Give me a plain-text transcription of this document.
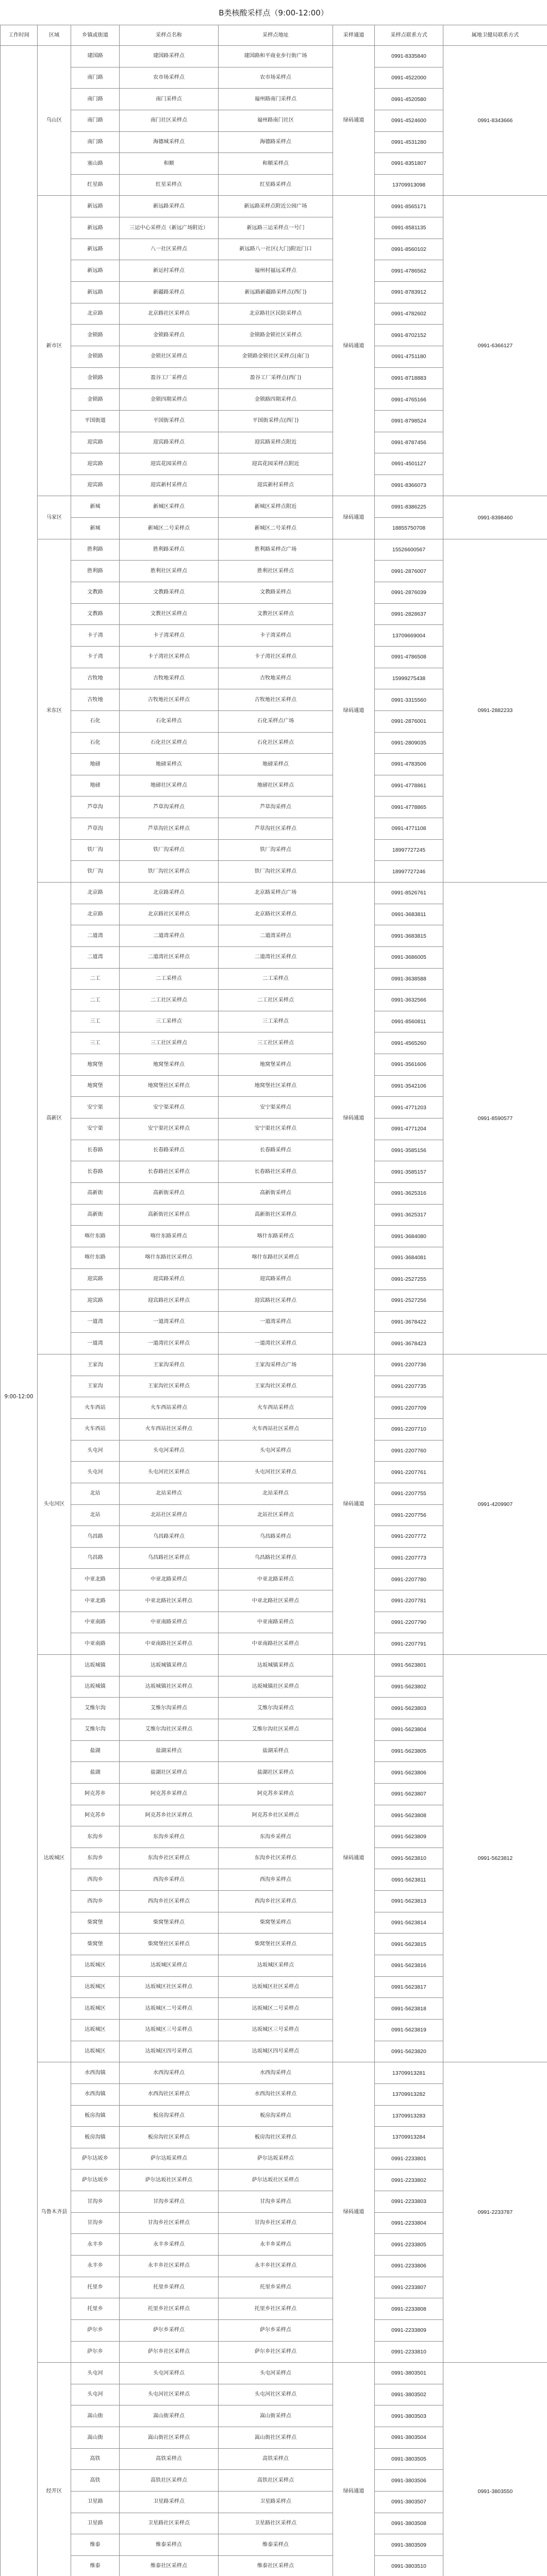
B类核酸采样点（9:00-12:00）
工作时间	区域	乡镇或街道	采样点名称	采样点地址	采样通道	采样点联系方式	属地卫健局联系方式
9:00-12:00	乌山区	建国路	建国路采样点	建国路和平商业步行街广场	绿码通道	0991-8335840	0991-8343666
		南门路	农市场采样点	农市场采样点		0991-4522000	
		南门路	南门采样点	福州路南门采样点		0991-4520580	
		南门路	南门社区采样点	福州路南门社区		0991-4524600	
		南门路	海德城采样点	海德路采样点		0991-4531280	
		塞山路	和顺	和顺采样点		0991-8351807	
		红星路	红星采样点	红星路采样点		13709913098	
	新市区	新远路	新远路采样点	新远路采样点附近公园广场	绿码通道	0991-8565171	0991-6366127
		新远路	三运中心采样点（新远广场附近）	新远路三运采样点一号门		0991-8581135	
		新远路	八一社区采样点	新远路八一社区(大门)附近门口		0991-8560102	
		新远路	新运村采样点	福州村福远采样点		0991-4786562	
		新远路	新疆路采样点	新远路新疆路采样点(西门)		0991-8783912	
		北京路	北京路社区采样点	北京路社区民防采样点		0991-4782602	
		金锁路	金锁路采样点	金锁路金锁社区采样点		0991-8702152	
		金锁路	金锁社区采样点	金锁路金锁社区采样点(南门)		0991-4751180	
		金锁路	盈谷工厂采样点	盈谷工厂采样点(西门)		0991-8718883	
		金锁路	金锁四期采样点	金锁路四期采样点		0991-4765166	
		平国街道	平国街采样点	平国街采样点(西门)		0991-8798524	
		迎宾路	迎宾路采样点	迎宾路采样点附近		0991-8787456	
		迎宾路	迎宾花园采样点	迎宾花园采样点附近		0991-4501127	
		迎宾路	迎宾新村采样点	迎宾新村采样点		0991-8366073	
	马家区	新城	新城区采样点	新城区采样点附近	绿码通道	0991-8386225	0991-8398460
		新城	新城区二号采样点	新城区二号采样点		18855750708	
	米东区	胜利路	胜利路采样点	胜利路采样点广场	绿码通道	15526600567	0991-2882233
		胜利路	胜利社区采样点	胜利社区采样点		0991-2876007	
		文教路	文教路采样点	文教路采样点		0991-2876039	
		文教路	文教社区采样点	文教社区采样点		0991-2828637	
		卡子湾	卡子湾采样点	卡子湾采样点		13709669004	
		卡子湾	卡子湾社区采样点	卡子湾社区采样点		0991-4786508	
		古牧地	古牧地采样点	古牧地采样点		15999275438	
		古牧地	古牧地社区采样点	古牧地社区采样点		0991-3315560	
		石化	石化采样点	石化采样点广场		0991-2876001	
		石化	石化社区采样点	石化社区采样点		0991-2809035	
		地磅	地磅采样点	地磅采样点		0991-4783506	
		地磅	地磅社区采样点	地磅社区采样点		0991-4778861	
		芦草沟	芦草沟采样点	芦草沟采样点		0991-4778865	
		芦草沟	芦草沟社区采样点	芦草沟社区采样点		0991-4771108	
		铁厂沟	铁厂沟采样点	铁厂沟采样点		18997727245	
		铁厂沟	铁厂沟社区采样点	铁厂沟社区采样点		18997727246	
	高新区	北京路	北京路采样点	北京路采样点广场	绿码通道	0991-8526761	0991-8590577
		北京路	北京路社区采样点	北京路社区采样点		0991-3683811	
		二道湾	二道湾采样点	二道湾采样点		0991-3683815	
		二道湾	二道湾社区采样点	二道湾社区采样点		0991-3686005	
		二工	二工采样点	二工采样点		0991-3638588	
		二工	二工社区采样点	二工社区采样点		0991-3632566	
		三工	三工采样点	三工采样点		0991-8560811	
		三工	三工社区采样点	三工社区采样点		0991-4565260	
		地窝堡	地窝堡采样点	地窝堡采样点		0991-3561606	
		地窝堡	地窝堡社区采样点	地窝堡社区采样点		0991-3542106	
		安宁渠	安宁渠采样点	安宁渠采样点		0991-4771203	
		安宁渠	安宁渠社区采样点	安宁渠社区采样点		0991-4771204	
		长春路	长春路采样点	长春路采样点		0991-3585156	
		长春路	长春路社区采样点	长春路社区采样点		0991-3585157	
		高新街	高新街采样点	高新街采样点		0991-3625316	
		高新街	高新街社区采样点	高新街社区采样点		0991-3625317	
		喀什东路	喀什东路采样点	喀什东路采样点		0991-3684080	
		喀什东路	喀什东路社区采样点	喀什东路社区采样点		0991-3684081	
		迎宾路	迎宾路采样点	迎宾路采样点		0991-2527255	
		迎宾路	迎宾路社区采样点	迎宾路社区采样点		0991-2527256	
		一道湾	一道湾采样点	一道湾采样点		0991-3678422	
		一道湾	一道湾社区采样点	一道湾社区采样点		0991-3678423	
	头屯河区	王家沟	王家沟采样点	王家沟采样点广场	绿码通道	0991-2207736	0991-4209907
		王家沟	王家沟社区采样点	王家沟社区采样点		0991-2207735	
		火车西站	火车西站采样点	火车西站采样点		0991-2207709	
		火车西站	火车西站社区采样点	火车西站社区采样点		0991-2207710	
		头屯河	头屯河采样点	头屯河采样点		0991-2207760	
		头屯河	头屯河社区采样点	头屯河社区采样点		0991-2207761	
		北站	北站采样点	北站采样点		0991-2207755	
		北站	北站社区采样点	北站社区采样点		0991-2207756	
		乌昌路	乌昌路采样点	乌昌路采样点		0991-2207772	
		乌昌路	乌昌路社区采样点	乌昌路社区采样点		0991-2207773	
		中亚北路	中亚北路采样点	中亚北路采样点		0991-2207780	
		中亚北路	中亚北路社区采样点	中亚北路社区采样点		0991-2207781	
		中亚南路	中亚南路采样点	中亚南路采样点		0991-2207790	
		中亚南路	中亚南路社区采样点	中亚南路社区采样点		0991-2207791	
	达坂城区	达坂城镇	达坂城镇采样点	达坂城镇采样点	绿码通道	0991-5623801	0991-5623812
		达坂城镇	达坂城镇社区采样点	达坂城镇社区采样点		0991-5623802	
		艾维尔沟	艾维尔沟采样点	艾维尔沟采样点		0991-5623803	
		艾维尔沟	艾维尔沟社区采样点	艾维尔沟社区采样点		0991-5623804	
		盐湖	盐湖采样点	盐湖采样点		0991-5623805	
		盐湖	盐湖社区采样点	盐湖社区采样点		0991-5623806	
		阿克苏乡	阿克苏乡采样点	阿克苏乡采样点		0991-5623807	
		阿克苏乡	阿克苏乡社区采样点	阿克苏乡社区采样点		0991-5623808	
		东沟乡	东沟乡采样点	东沟乡采样点		0991-5623809	
		东沟乡	东沟乡社区采样点	东沟乡社区采样点		0991-5623810	
		西沟乡	西沟乡采样点	西沟乡采样点		0991-5623811	
		西沟乡	西沟乡社区采样点	西沟乡社区采样点		0991-5623813	
		柴窝堡	柴窝堡采样点	柴窝堡采样点		0991-5623814	
		柴窝堡	柴窝堡社区采样点	柴窝堡社区采样点		0991-5623815	
		达坂城区	达坂城区采样点	达坂城区采样点		0991-5623816	
		达坂城区	达坂城区社区采样点	达坂城区社区采样点		0991-5623817	
		达坂城区	达坂城区二号采样点	达坂城区二号采样点		0991-5623818	
		达坂城区	达坂城区三号采样点	达坂城区三号采样点		0991-5623819	
		达坂城区	达坂城区四号采样点	达坂城区四号采样点		0991-5623820	
	乌鲁木齐县	水西沟镇	水西沟采样点	水西沟采样点	绿码通道	13709913281	0991-2233787
		水西沟镇	水西沟社区采样点	水西沟社区采样点		13709913282	
		板房沟镇	板房沟采样点	板房沟采样点		13709913283	
		板房沟镇	板房沟社区采样点	板房沟社区采样点		13709913284	
		萨尔达坂乡	萨尔达坂采样点	萨尔达坂采样点		0991-2233801	
		萨尔达坂乡	萨尔达坂社区采样点	萨尔达坂社区采样点		0991-2233802	
		甘沟乡	甘沟乡采样点	甘沟乡采样点		0991-2233803	
		甘沟乡	甘沟乡社区采样点	甘沟乡社区采样点		0991-2233804	
		永丰乡	永丰乡采样点	永丰乡采样点		0991-2233805	
		永丰乡	永丰乡社区采样点	永丰乡社区采样点		0991-2233806	
		托里乡	托里乡采样点	托里乡采样点		0991-2233807	
		托里乡	托里乡社区采样点	托里乡社区采样点		0991-2233808	
		萨尔乡	萨尔乡采样点	萨尔乡采样点		0991-2233809	
		萨尔乡	萨尔乡社区采样点	萨尔乡社区采样点		0991-2233810	
	经开区	头屯河	头屯河采样点	头屯河采样点	绿码通道	0991-3803501	0991-3803550
		头屯河	头屯河社区采样点	头屯河社区采样点		0991-3803502	
		嵩山街	嵩山街采样点	嵩山街采样点		0991-3803503	
		嵩山街	嵩山街社区采样点	嵩山街社区采样点		0991-3803504	
		高铁	高铁采样点	高铁采样点		0991-3803505	
		高铁	高铁社区采样点	高铁社区采样点		0991-3803506	
		卫星路	卫星路采样点	卫星路采样点		0991-3803507	
		卫星路	卫星路社区采样点	卫星路社区采样点		0991-3803508	
		维泰	维泰采样点	维泰采样点		0991-3803509	
		维泰	维泰社区采样点	维泰社区采样点		0991-3803510	
